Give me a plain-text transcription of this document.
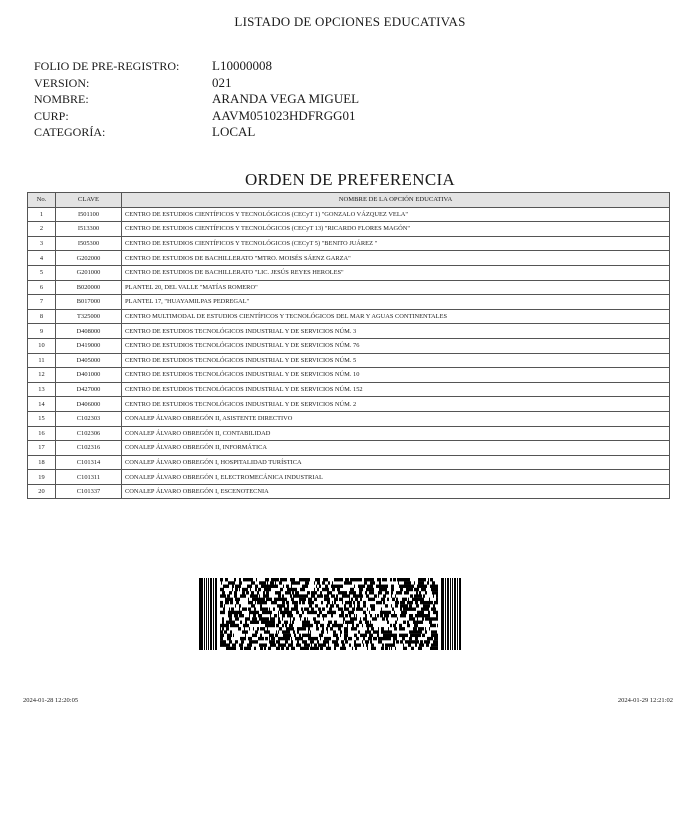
LISTADO DE OPCIONES EDUCATIVAS
FOLIO DE PRE-REGISTRO:	L10000008
VERSION:	021
NOMBRE:	ARANDA VEGA MIGUEL
CURP:	AAVM051023HDFRGG01
CATEGORÍA:	LOCAL
ORDEN DE PREFERENCIA
No.	CLAVE	NOMBRE DE LA OPCIÓN EDUCATIVA
1	I501100	CENTRO DE ESTUDIOS CIENTÍFICOS Y TECNOLÓGICOS (CECyT 1) "GONZALO VÁZQUEZ VELA"
2	I513300	CENTRO DE ESTUDIOS CIENTÍFICOS Y TECNOLÓGICOS (CECyT 13) "RICARDO FLORES MAGÓN"
3	I505300	CENTRO DE ESTUDIOS CIENTÍFICOS Y TECNOLÓGICOS (CECyT 5) "BENITO JUÁREZ "
4	G202000	CENTRO DE ESTUDIOS DE BACHILLERATO "MTRO. MOISÉS SÁENZ GARZA"
5	G201000	CENTRO DE ESTUDIOS DE BACHILLERATO "LIC. JESÚS REYES HEROLES"
6	B020000	PLANTEL 20, DEL VALLE "MATÍAS ROMERO"
7	B017000	PLANTEL 17, "HUAYAMILPAS PEDREGAL"
8	T325000	CENTRO MULTIMODAL DE ESTUDIOS CIENTÍFICOS Y TECNOLÓGICOS DEL MAR Y AGUAS CONTINENTALES
9	D408000	CENTRO DE ESTUDIOS TECNOLÓGICOS INDUSTRIAL Y DE SERVICIOS NÚM. 3
10	D419000	CENTRO DE ESTUDIOS TECNOLÓGICOS INDUSTRIAL Y DE SERVICIOS NÚM. 76
11	D405000	CENTRO DE ESTUDIOS TECNOLÓGICOS INDUSTRIAL Y DE SERVICIOS NÚM. 5
12	D401000	CENTRO DE ESTUDIOS TECNOLÓGICOS INDUSTRIAL Y DE SERVICIOS NÚM. 10
13	D427000	CENTRO DE ESTUDIOS TECNOLÓGICOS INDUSTRIAL Y DE SERVICIOS NÚM. 152
14	D406000	CENTRO DE ESTUDIOS TECNOLÓGICOS INDUSTRIAL Y DE SERVICIOS NÚM. 2
15	C102303	CONALEP ÁLVARO OBREGÓN II, ASISTENTE DIRECTIVO
16	C102306	CONALEP ÁLVARO OBREGÓN II, CONTABILIDAD
17	C102316	CONALEP ÁLVARO OBREGÓN II, INFORMÁTICA
18	C101314	CONALEP ÁLVARO OBREGÓN I, HOSPITALIDAD TURÍSTICA
19	C101311	CONALEP ÁLVARO OBREGÓN I, ELECTROMECÁNICA INDUSTRIAL
20	C101337	CONALEP ÁLVARO OBREGÓN I, ESCENOTECNIA
2024-01-28 12:20:05	2024-01-29 12:21:02
